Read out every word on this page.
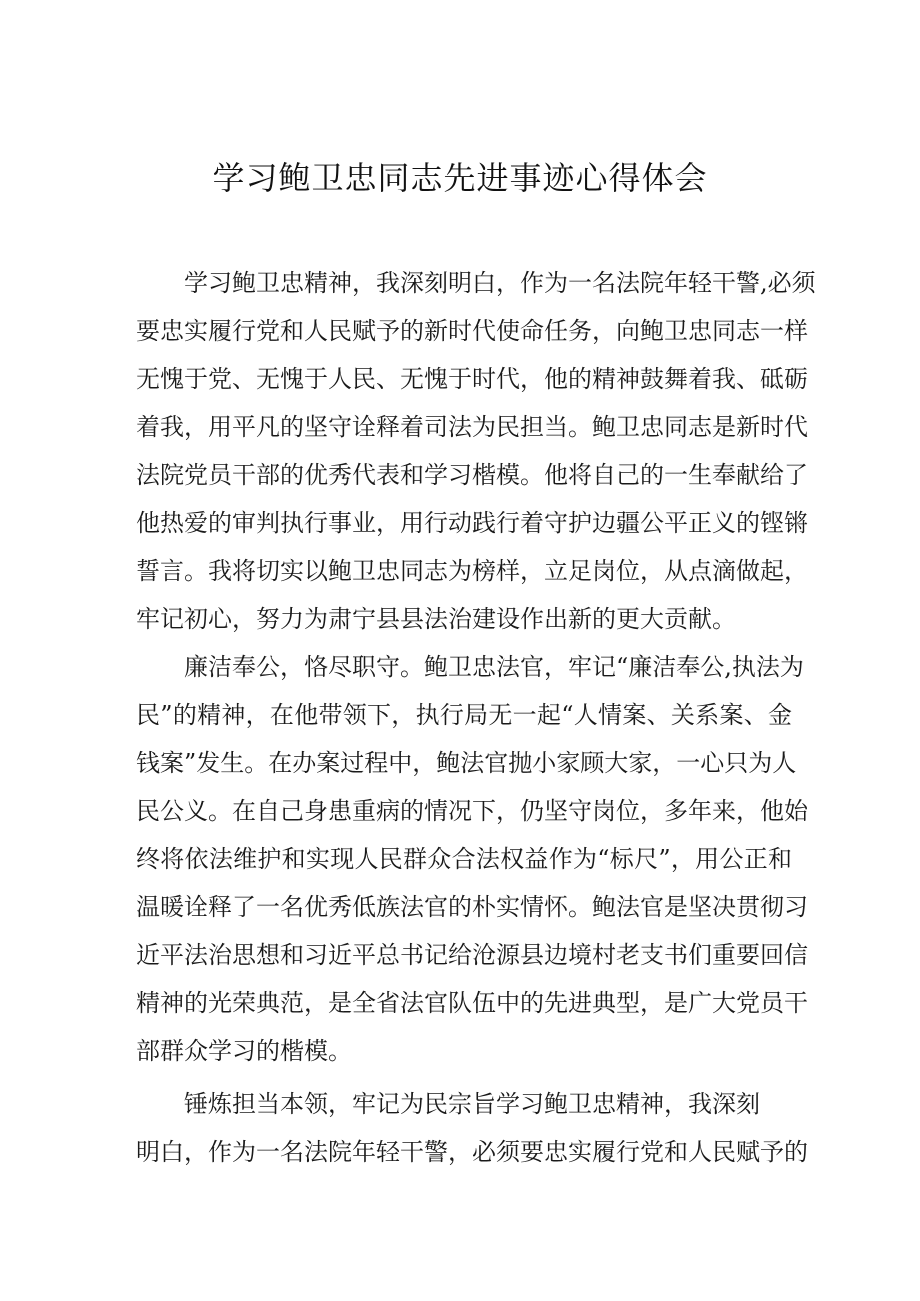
学习鲍卫忠同志先进事迹心得体会

学习鲍卫忠精神，我深刻明白，作为一名法院年轻干警,必须

要忠实履行党和人民赋予的新时代使命任务，向鲍卫忠同志一样

无愧于党、无愧于人民、无愧于时代，他的精神鼓舞着我、砥砺

着我，用平凡的坚守诠释着司法为民担当。鲍卫忠同志是新时代

法院党员干部的优秀代表和学习楷模。他将自己的一生奉献给了

他热爱的审判执行事业，用行动践行着守护边疆公平正义的铿锵

誓言。我将切实以鲍卫忠同志为榜样，立足岗位，从点滴做起，

牢记初心，努力为肃宁县县法治建设作出新的更大贡献。

廉洁奉公，恪尽职守。鲍卫忠法官，牢记“廉洁奉公,执法为

民”的精神，在他带领下，执行局无一起“人情案、关系案、金

钱案”发生。在办案过程中，鲍法官抛小家顾大家，一心只为人

民公义。在自己身患重病的情况下，仍坚守岗位，多年来，他始

终将依法维护和实现人民群众合法权益作为“标尺”，用公正和

温暖诠释了一名优秀低族法官的朴实情怀。鲍法官是坚决贯彻习

近平法治思想和习近平总书记给沧源县边境村老支书们重要回信

精神的光荣典范，是全省法官队伍中的先进典型，是广大党员干

部群众学习的楷模。

锤炼担当本领，牢记为民宗旨学习鲍卫忠精神，我深刻

明白，作为一名法院年轻干警，必须要忠实履行党和人民赋予的
